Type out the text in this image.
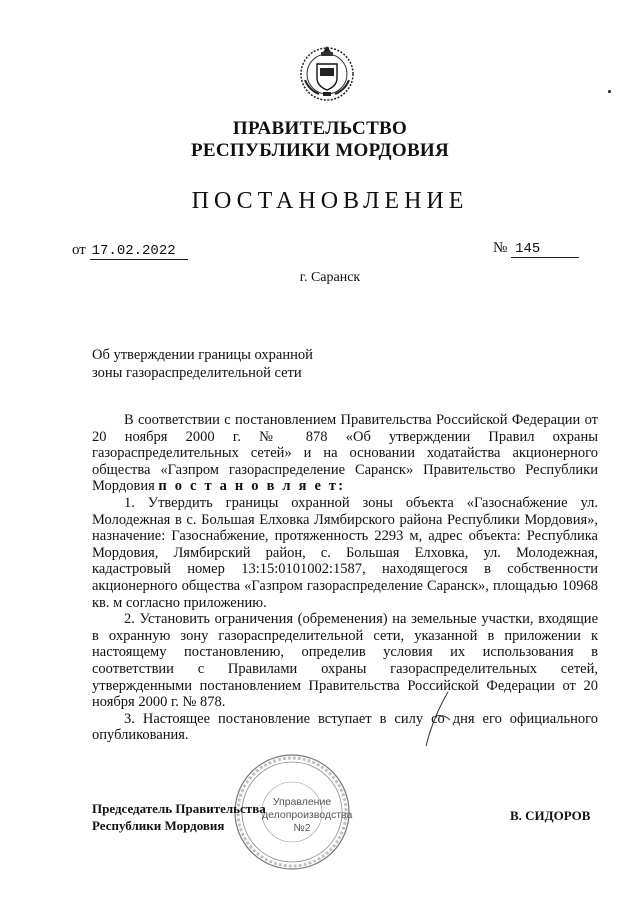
ПРАВИТЕЛЬСТВО
РЕСПУБЛИКИ МОРДОВИЯ
ПОСТАНОВЛЕНИЕ
от 17.02.2022	№ 145
г. Саранск
Об утверждении границы охранной
зоны газораспределительной сети

В соответствии с постановлением Правительства Российской Федерации от 20 ноября 2000 г. № 878 «Об утверждении Правил охраны газораспределительных сетей» и на основании ходатайства акционерного общества «Газпром газораспределение Саранск» Правительство Республики Мордовия п о с т а н о в л я е т:

1. Утвердить границы охранной зоны объекта «Газоснабжение ул. Молодежная в с. Большая Елховка Лямбирского района Республики Мордовия», назначение: Газоснабжение, протяженность 2293 м, адрес объекта: Республика Мордовия, Лямбирский район, с. Большая Елховка, ул. Молодежная, кадастровый номер 13:15:0101002:1587, находящегося в собственности акционерного общества «Газпром газораспределение Саранск», площадью 10968 кв. м согласно приложению.

2. Установить ограничения (обременения) на земельные участки, входящие в охранную зону газораспределительной сети, указанной в приложении к настоящему постановлению, определив условия их использования в соответствии с Правилами охраны газораспределительных сетей, утвержденными постановлением Правительства Российской Федерации от 20 ноября 2000 г. № 878.

3. Настоящее постановление вступает в силу со дня его официального опубликования.

Управление
делопроизводства
№2
Председатель Правительства
Республики Мордовия
В. СИДОРОВ
